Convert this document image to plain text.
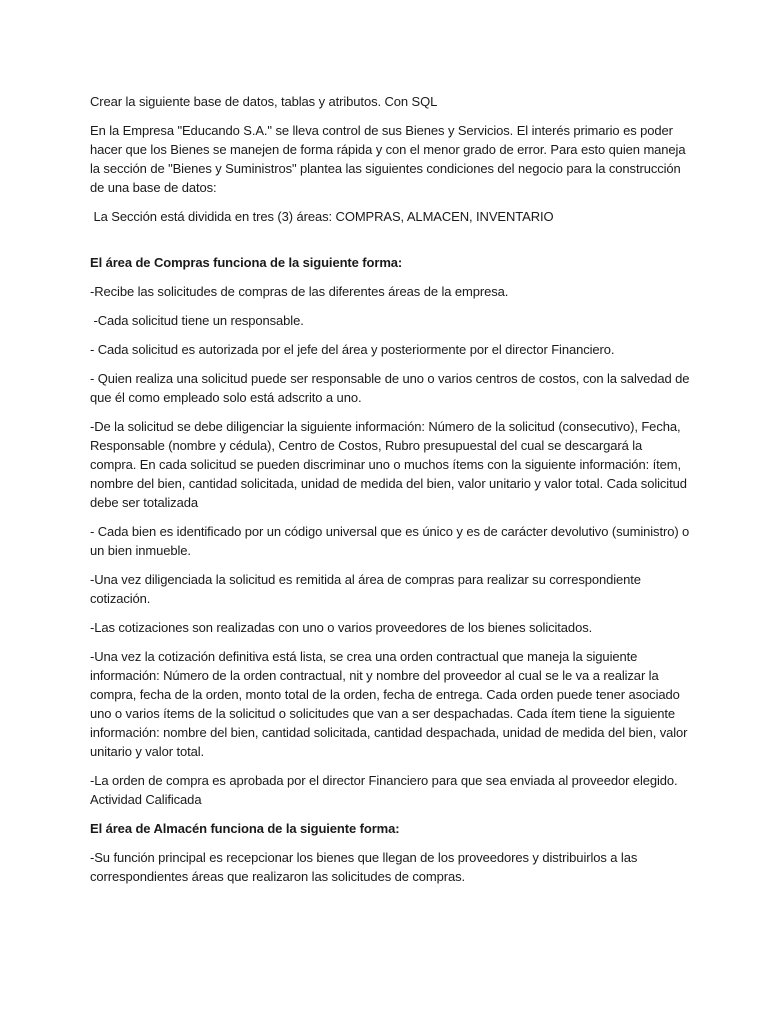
Crear la siguiente base de datos, tablas y atributos. Con SQL

En la Empresa "Educando S.A." se lleva control de sus Bienes y Servicios. El interés primario es poder hacer que los Bienes se manejen de forma rápida y con el menor grado de error. Para esto quien maneja la sección de "Bienes y Suministros" plantea las siguientes condiciones del negocio para la construcción de una base de datos:

La Sección está dividida en tres (3) áreas: COMPRAS, ALMACEN, INVENTARIO

El área de Compras funciona de la siguiente forma:

-Recibe las solicitudes de compras de las diferentes áreas de la empresa.

-Cada solicitud tiene un responsable.

- Cada solicitud es autorizada por el jefe del área y posteriormente por el director Financiero.

- Quien realiza una solicitud puede ser responsable de uno o varios centros de costos, con la salvedad de que él como empleado solo está adscrito a uno.

-De la solicitud se debe diligenciar la siguiente información: Número de la solicitud (consecutivo), Fecha, Responsable (nombre y cédula), Centro de Costos, Rubro presupuestal del cual se descargará la compra. En cada solicitud se pueden discriminar uno o muchos ítems con la siguiente información: ítem, nombre del bien, cantidad solicitada, unidad de medida del bien, valor unitario y valor total. Cada solicitud debe ser totalizada

- Cada bien es identificado por un código universal que es único y es de carácter devolutivo (suministro) o un bien inmueble.

-Una vez diligenciada la solicitud es remitida al área de compras para realizar su correspondiente cotización.

-Las cotizaciones son realizadas con uno o varios proveedores de los bienes solicitados.

-Una vez la cotización definitiva está lista, se crea una orden contractual que maneja la siguiente información: Número de la orden contractual, nit y nombre del proveedor al cual se le va a realizar la compra, fecha de la orden, monto total de la orden, fecha de entrega. Cada orden puede tener asociado uno o varios ítems de la solicitud o solicitudes que van a ser despachadas. Cada ítem tiene la siguiente información: nombre del bien, cantidad solicitada, cantidad despachada, unidad de medida del bien, valor unitario y valor total.

-La orden de compra es aprobada por el director Financiero para que sea enviada al proveedor elegido. Actividad Calificada

El área de Almacén funciona de la siguiente forma:

-Su función principal es recepcionar los bienes que llegan de los proveedores y distribuirlos a las correspondientes áreas que realizaron las solicitudes de compras.
